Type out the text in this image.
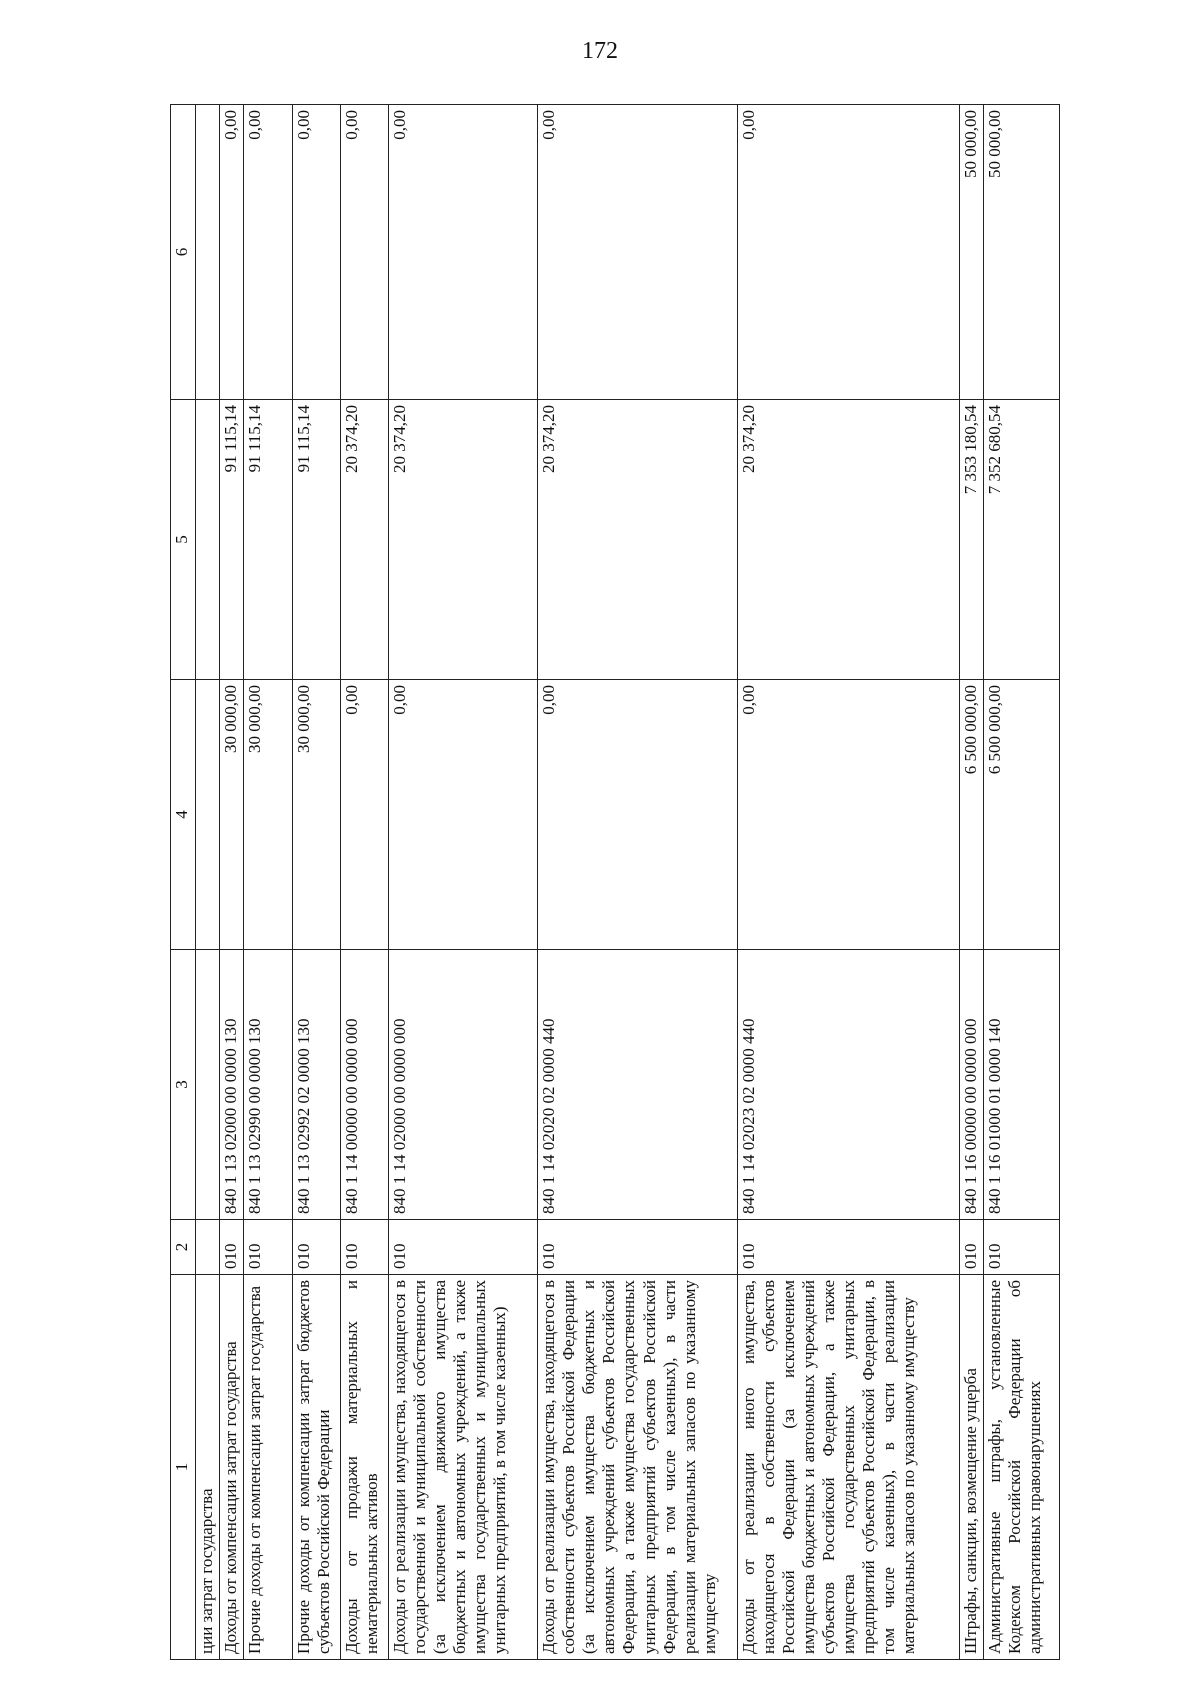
172
1	2	3	4	5	6
ции затрат государства					
Доходы от компенсации затрат государства	010	840 1 13 02000 00 0000 130	30 000,00	91 115,14	0,00
Прочие доходы от компенсации затрат государства	010	840 1 13 02990 00 0000 130	30 000,00	91 115,14	0,00
Прочие доходы от компенсации затрат бюджетов субъектов Российской Федерации	010	840 1 13 02992 02 0000 130	30 000,00	91 115,14	0,00
Доходы от продажи материальных и нематериальных активов	010	840 1 14 00000 00 0000 000	0,00	20 374,20	0,00
Доходы от реализации имущества, находящегося в государственной и муниципальной собственности (за исключением движимого имущества бюджетных и автономных учреждений, а также имущества государственных и муниципальных унитарных предприятий, в том числе казенных)	010	840 1 14 02000 00 0000 000	0,00	20 374,20	0,00
Доходы от реализации имущества, находящегося в собственности субъектов Российской Федерации (за исключением имущества бюджетных и автономных учреждений субъектов Российской Федерации, а также имущества государственных унитарных предприятий субъектов Российской Федерации, в том числе казенных), в части реализации материальных запасов по указанному имуществу	010	840 1 14 02020 02 0000 440	0,00	20 374,20	0,00
Доходы от реализации иного имущества, находящегося в собственности субъектов Российской Федерации (за исключением имущества бюджетных и автономных учреждений субъектов Российской Федерации, а также имущества государственных унитарных предприятий субъектов Российской Федерации, в том числе казенных), в части реализации материальных запасов по указанному имуществу	010	840 1 14 02023 02 0000 440	0,00	20 374,20	0,00
Штрафы, санкции, возмещение ущерба	010	840 1 16 00000 00 0000 000	6 500 000,00	7 353 180,54	50 000,00
Административные штрафы, установленные Кодексом Российской Федерации об административных правонарушениях	010	840 1 16 01000 01 0000 140	6 500 000,00	7 352 680,54	50 000,00
